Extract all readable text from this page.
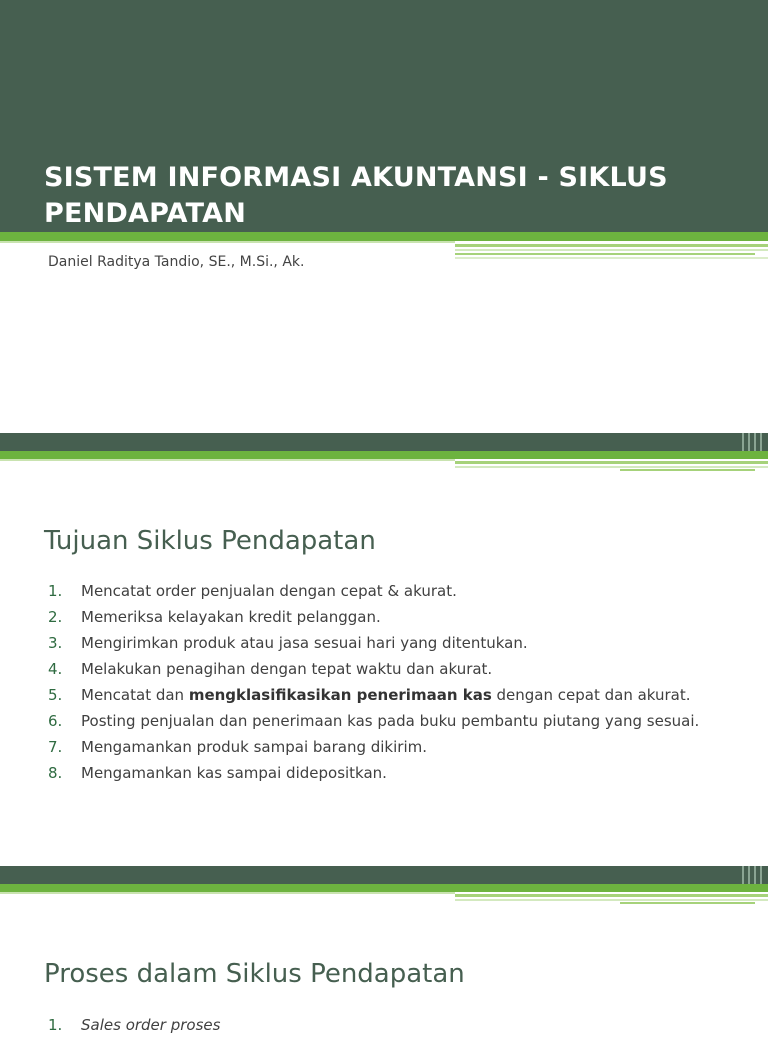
SISTEM INFORMASI AKUNTANSI - SIKLUS PENDAPATAN

Daniel Raditya Tandio, SE., M.Si., Ak.

Tujuan Siklus Pendapatan
1.	Mencatat order penjualan dengan cepat & akurat.
2.	Memeriksa kelayakan kredit pelanggan.
3.	Mengirimkan produk atau jasa sesuai hari yang ditentukan.
4.	Melakukan penagihan dengan tepat waktu dan akurat.
5.	Mencatat dan mengklasifikasikan penerimaan kas dengan cepat dan akurat.
6.	Posting penjualan dan penerimaan kas pada buku pembantu piutang yang sesuai.
7.	Mengamankan produk sampai barang dikirim.
8.	Mengamankan kas sampai didepositkan.
Proses dalam Siklus Pendapatan
1.	Sales order proses
